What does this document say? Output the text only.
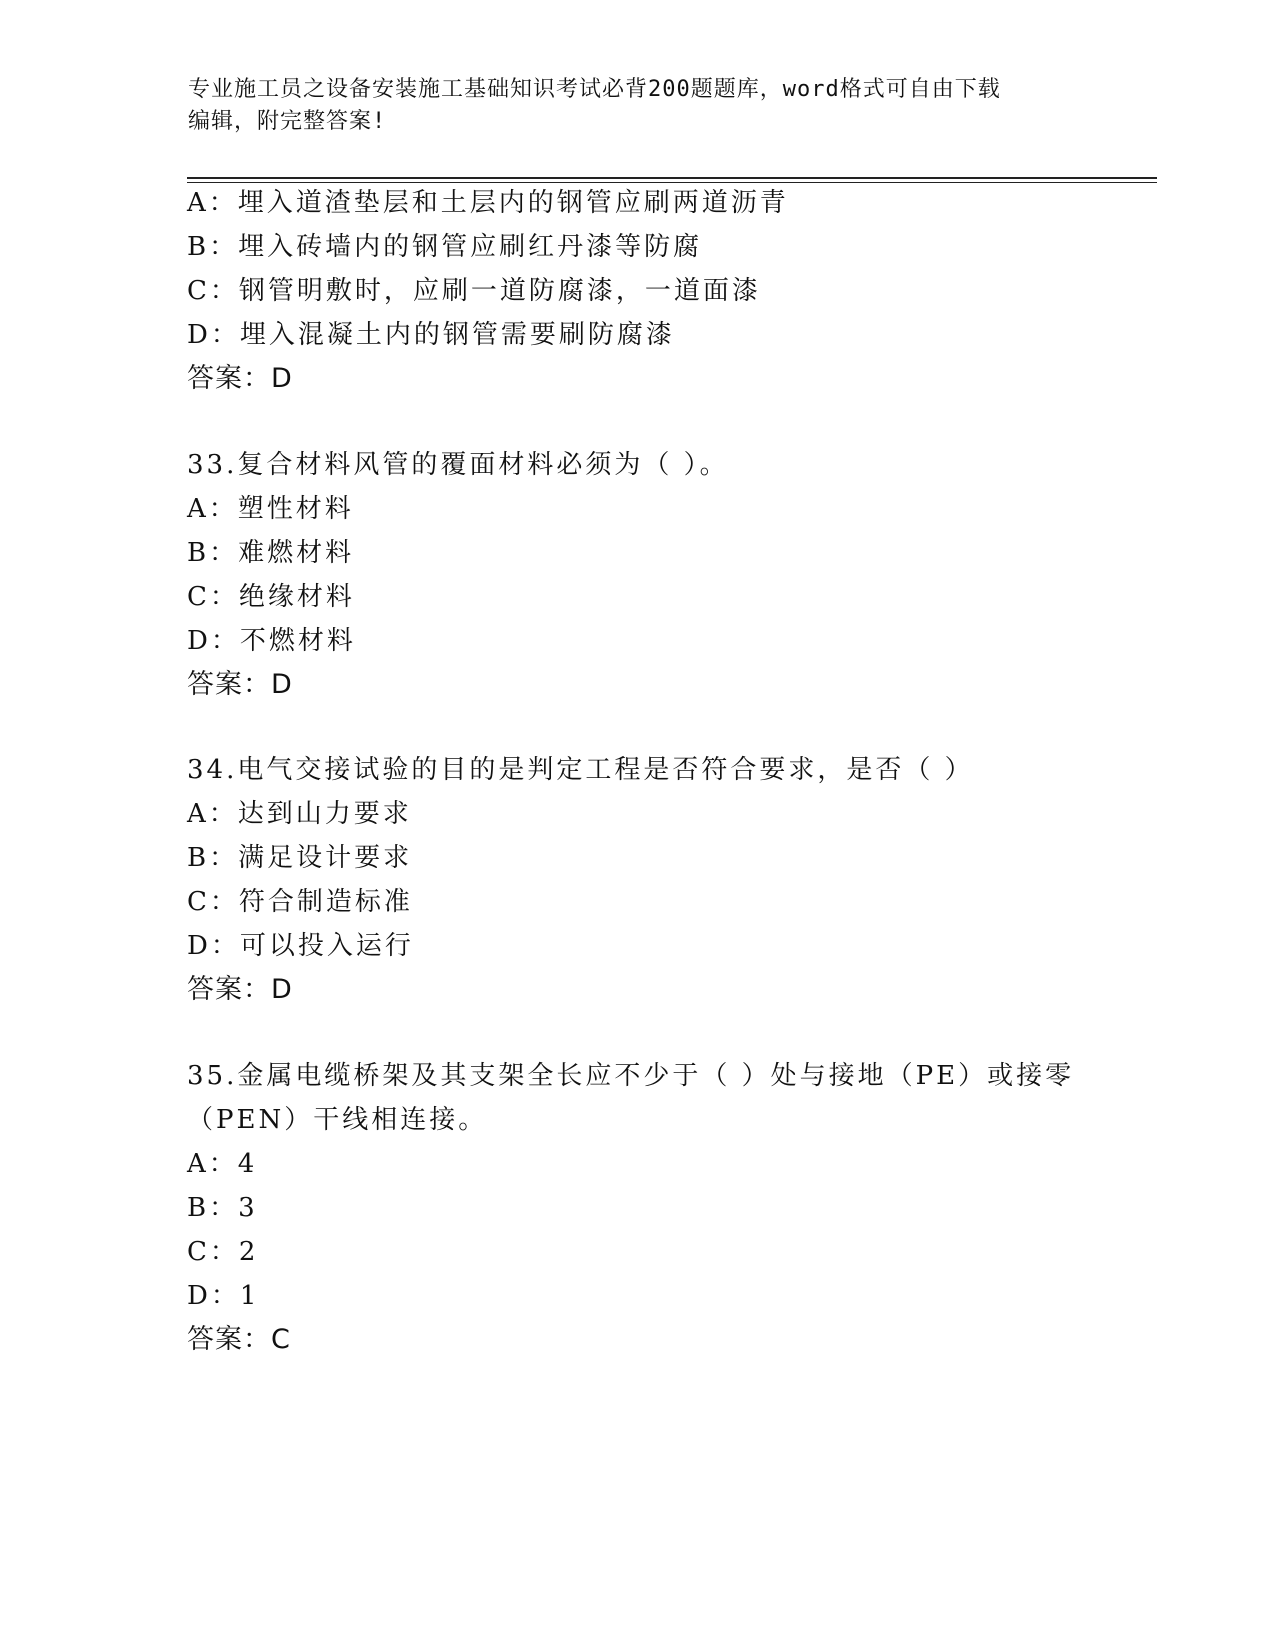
专业施工员之设备安装施工基础知识考试必背200题题库，word格式可自由下载
编辑，附完整答案!
A：埋入道渣垫层和土层内的钢管应刷两道沥青
B：埋入砖墙内的钢管应刷红丹漆等防腐
C：钢管明敷时，应刷一道防腐漆，一道面漆
D：埋入混凝土内的钢管需要刷防腐漆
答案：D
33.复合材料风管的覆面材料必须为（ ）。
A：塑性材料
B：难燃材料
C：绝缘材料
D：不燃材料
答案：D
34.电气交接试验的目的是判定工程是否符合要求，是否（ ）
A：达到山力要求
B：满足设计要求
C：符合制造标准
D：可以投入运行
答案：D
35.金属电缆桥架及其支架全长应不少于（ ）处与接地（PE）或接零
（PEN）干线相连接。
A：4
B：3
C：2
D：1
答案：C
